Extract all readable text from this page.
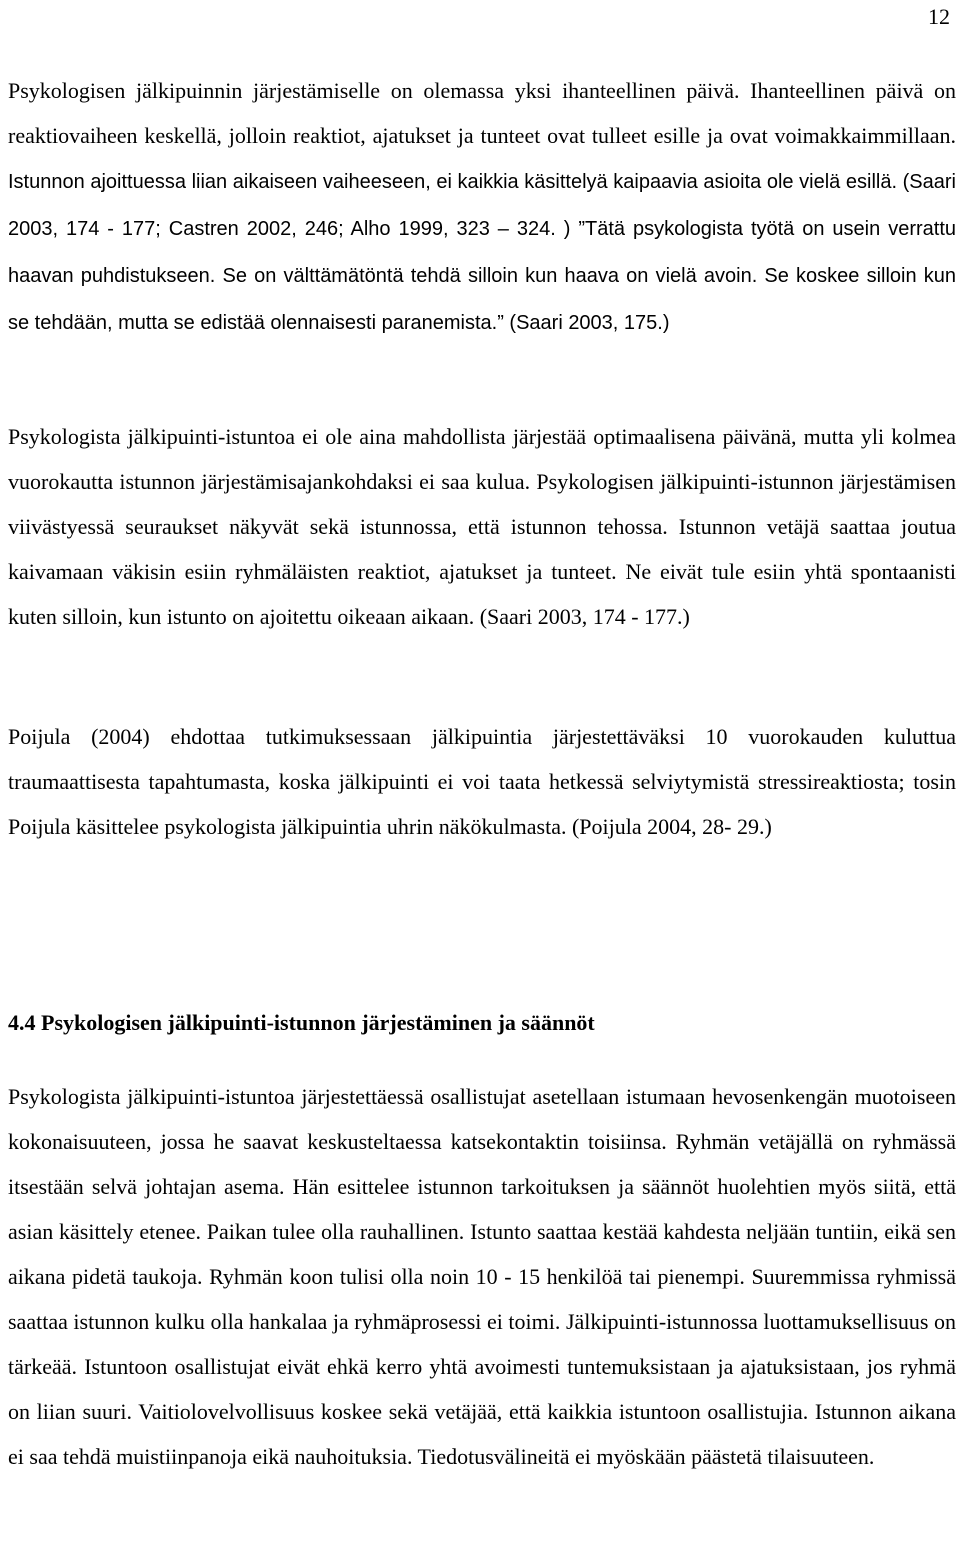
12

Psykologisen jälkipuinnin järjestämiselle on olemassa yksi ihanteellinen päivä. Ihanteellinen päivä on reaktiovaiheen keskellä, jolloin reaktiot, ajatukset ja tunteet ovat tulleet esille ja ovat voimakkaimmillaan. Istunnon ajoittuessa liian aikaiseen vaiheeseen, ei kaikkia käsittelyä kaipaavia asioita ole vielä esillä. (Saari 2003, 174 - 177; Castren 2002, 246; Alho 1999, 323 – 324. ) ”Tätä psykologista työtä on usein verrattu haavan puhdistukseen. Se on välttämätöntä tehdä silloin kun haava on vielä avoin. Se koskee silloin kun se tehdään, mutta se edistää olennaisesti paranemista.” (Saari 2003, 175.)

Psykologista jälkipuinti-istuntoa ei ole aina mahdollista järjestää optimaalisena päivänä, mutta yli kolmea vuorokautta istunnon järjestämisajankohdaksi ei saa kulua. Psykologisen jälkipuinti-istunnon järjestämisen viivästyessä seuraukset näkyvät sekä istunnossa, että istunnon tehossa. Istunnon vetäjä saattaa joutua kaivamaan väkisin esiin ryhmäläisten reaktiot, ajatukset ja tunteet. Ne eivät tule esiin yhtä spontaanisti kuten silloin, kun istunto on ajoitettu oikeaan aikaan. (Saari 2003, 174 - 177.)

Poijula (2004) ehdottaa tutkimuksessaan jälkipuintia järjestettäväksi 10 vuorokauden kuluttua traumaattisesta tapahtumasta, koska jälkipuinti ei voi taata hetkessä selviytymistä stressireaktiosta; tosin Poijula käsittelee psykologista jälkipuintia uhrin näkökulmasta. (Poijula 2004, 28- 29.)

4.4 Psykologisen jälkipuinti-istunnon järjestäminen ja säännöt

Psykologista jälkipuinti-istuntoa järjestettäessä osallistujat asetellaan istumaan hevosenkengän muotoiseen kokonaisuuteen, jossa he saavat keskusteltaessa katsekontaktin toisiinsa. Ryhmän vetäjällä on ryhmässä itsestään selvä johtajan asema. Hän esittelee istunnon tarkoituksen ja säännöt huolehtien myös siitä, että asian käsittely etenee. Paikan tulee olla rauhallinen. Istunto saattaa kestää kahdesta neljään tuntiin, eikä sen aikana pidetä taukoja. Ryhmän koon tulisi olla noin 10 - 15 henkilöä tai pienempi. Suuremmissa ryhmissä saattaa istunnon kulku olla hankalaa ja ryhmäprosessi ei toimi. Jälkipuinti-istunnossa luottamuksellisuus on tärkeää. Istuntoon osallistujat eivät ehkä kerro yhtä avoimesti tuntemuksistaan ja ajatuksistaan, jos ryhmä on liian suuri. Vaitiolovelvollisuus koskee sekä vetäjää, että kaikkia istuntoon osallistujia. Istunnon aikana ei saa tehdä muistiinpanoja eikä nauhoituksia. Tiedotusvälineitä ei myöskään päästetä tilaisuuteen.
